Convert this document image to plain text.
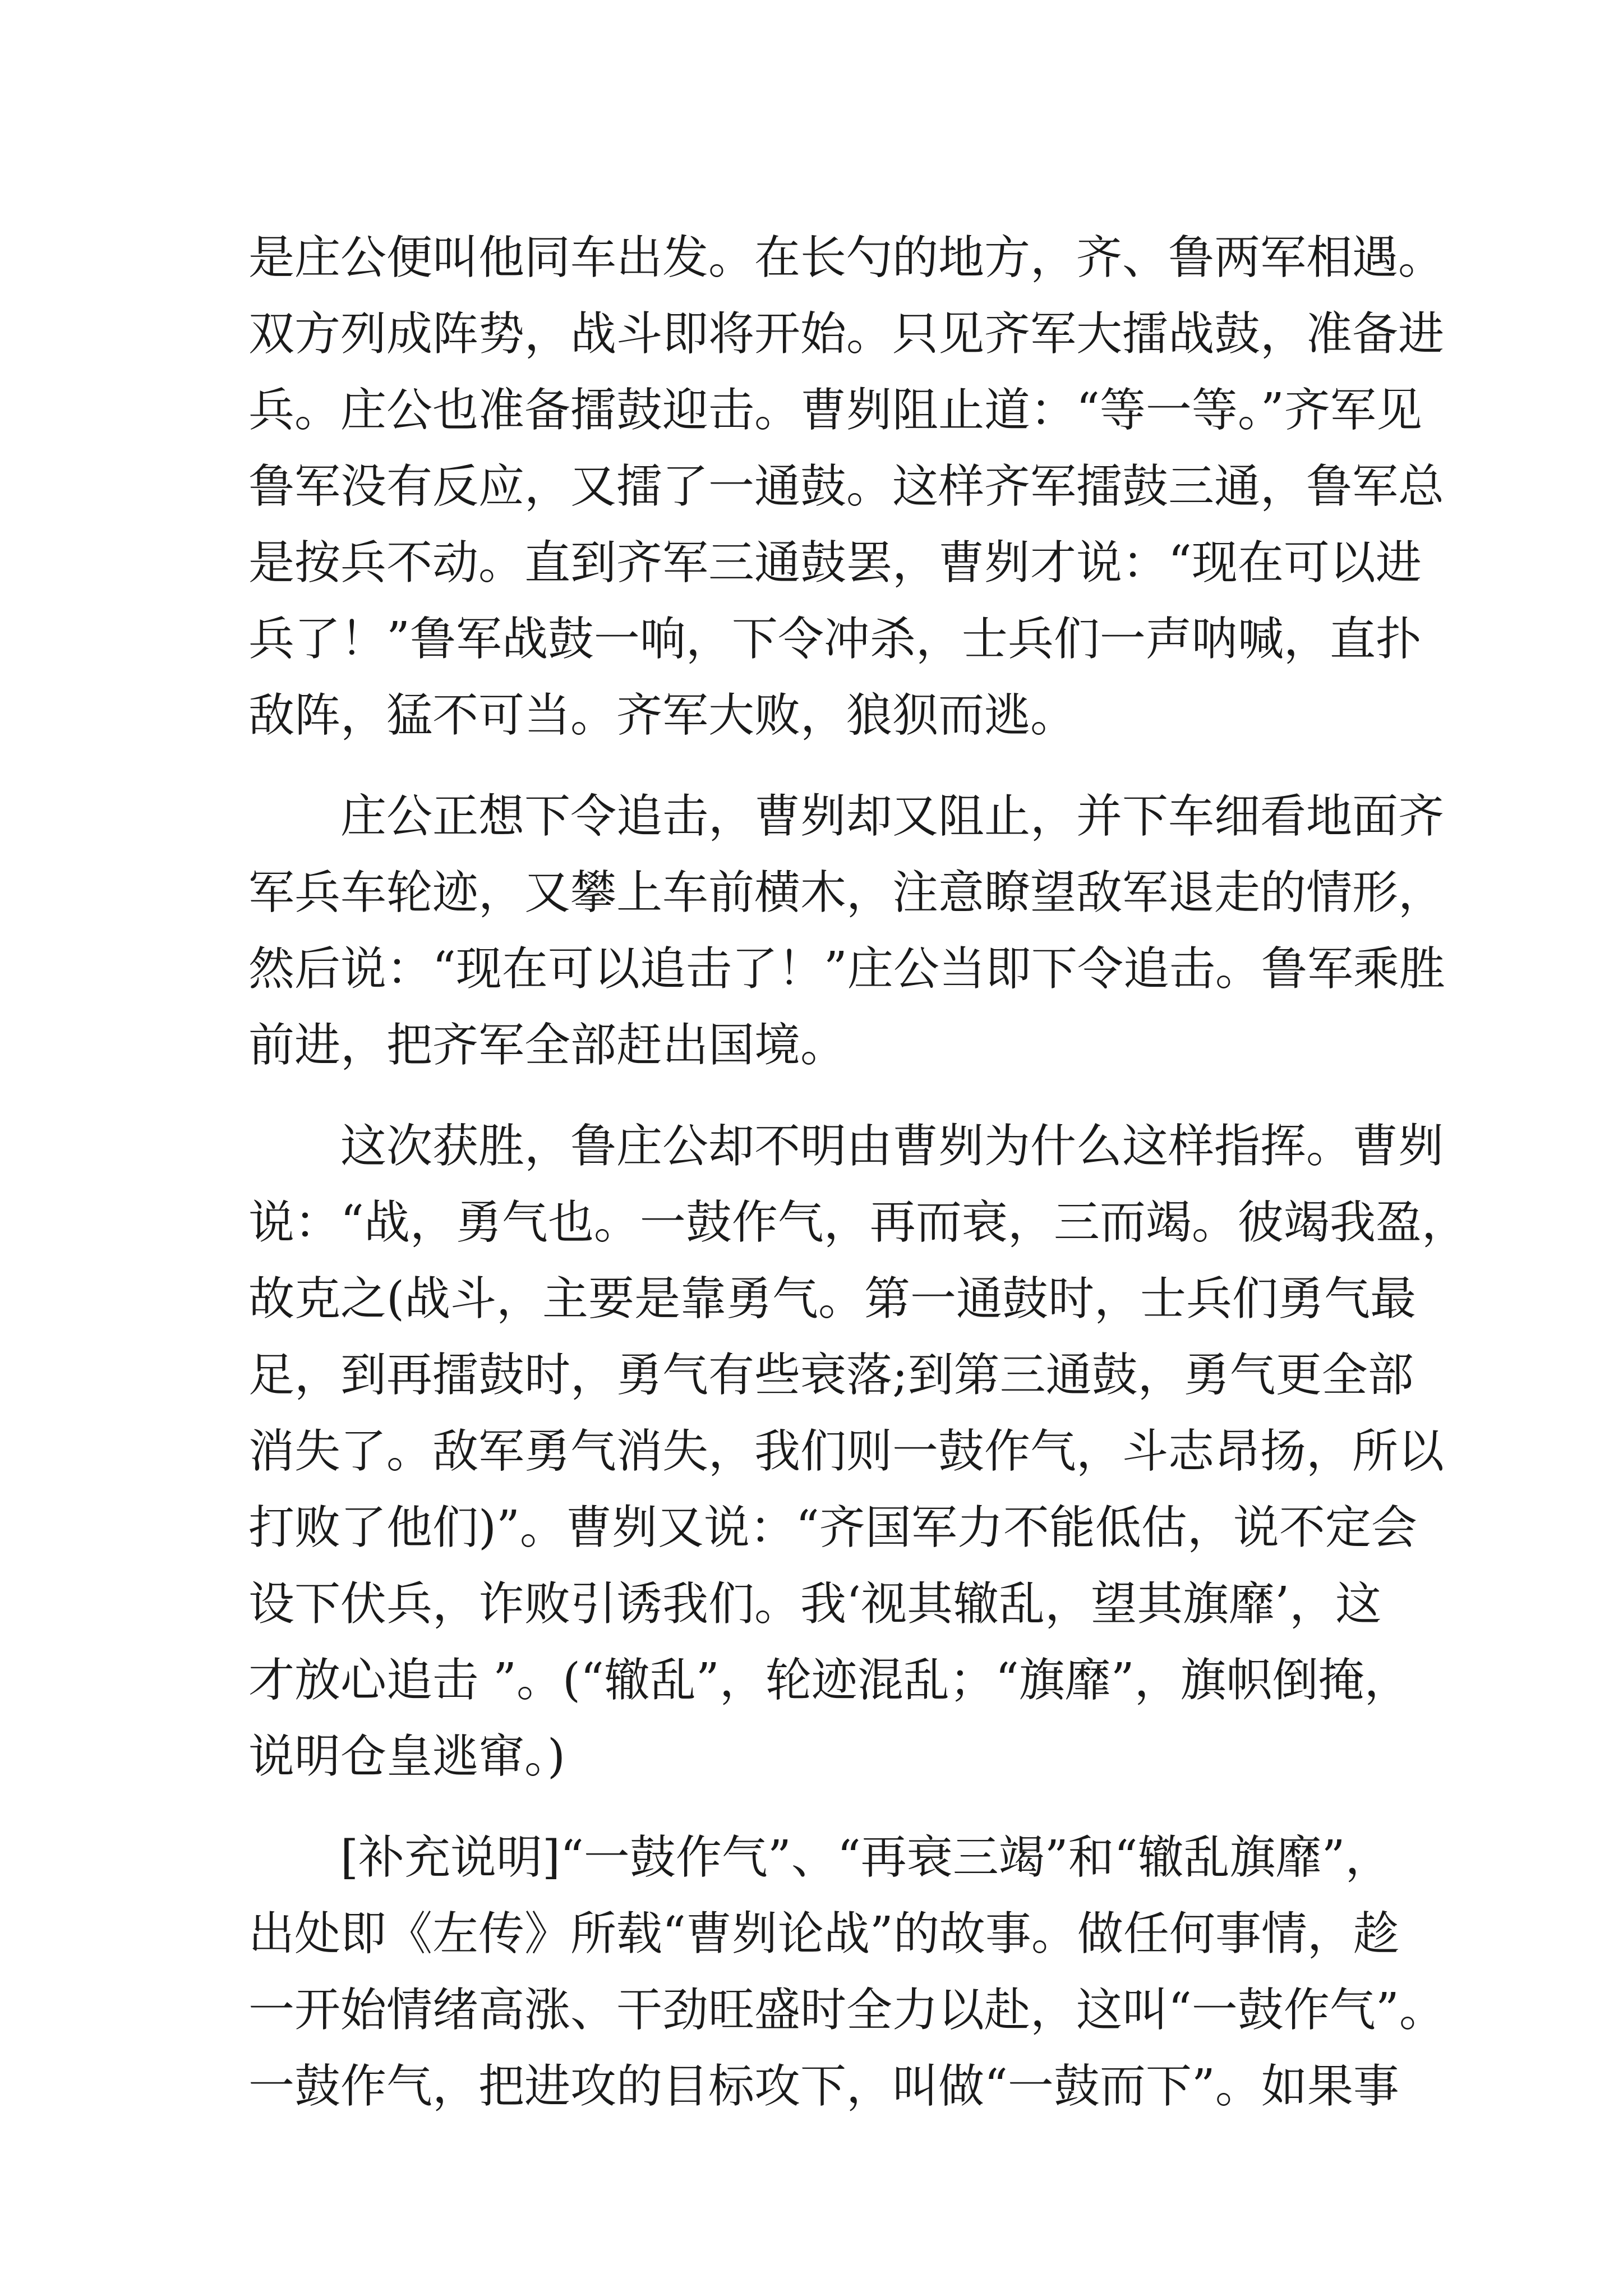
是庄公便叫他同车出发。在长勺的地方，齐、鲁两军相遇。
双方列成阵势，战斗即将开始。只见齐军大擂战鼓，准备进
兵。庄公也准备擂鼓迎击。曹刿阻止道：“等一等。”齐军见
鲁军没有反应，又擂了一通鼓。这样齐军擂鼓三通，鲁军总
是按兵不动。直到齐军三通鼓罢，曹刿才说：“现在可以进
兵了！”鲁军战鼓一响，下令冲杀，士兵们一声呐喊，直扑
敌阵，猛不可当。齐军大败，狼狈而逃。
　　庄公正想下令追击，曹刿却又阻止，并下车细看地面齐
军兵车轮迹，又攀上车前横木，注意瞭望敌军退走的情形，
然后说：“现在可以追击了！”庄公当即下令追击。鲁军乘胜
前进，把齐军全部赶出国境。
　　这次获胜，鲁庄公却不明由曹刿为什么这样指挥。曹刿
说：“战，勇气也。一鼓作气，再而衰，三而竭。彼竭我盈，
故克之(战斗，主要是靠勇气。第一通鼓时，士兵们勇气最
足，到再擂鼓时，勇气有些衰落;到第三通鼓，勇气更全部
消失了。敌军勇气消失，我们则一鼓作气，斗志昂扬，所以
打败了他们)”。曹刿又说：“齐国军力不能低估，说不定会
设下伏兵，诈败引诱我们。我‘视其辙乱，望其旗靡’，这
才放心追击 ”。(“辙乱”，轮迹混乱；“旗靡”，旗帜倒掩，
说明仓皇逃窜。)
　　[补充说明]“一鼓作气”、“再衰三竭”和“辙乱旗靡”，
出处即《左传》所载“曹刿论战”的故事。做任何事情，趁
一开始情绪高涨、干劲旺盛时全力以赴，这叫“一鼓作气”。
一鼓作气，把进攻的目标攻下，叫做“一鼓而下”。如果事
